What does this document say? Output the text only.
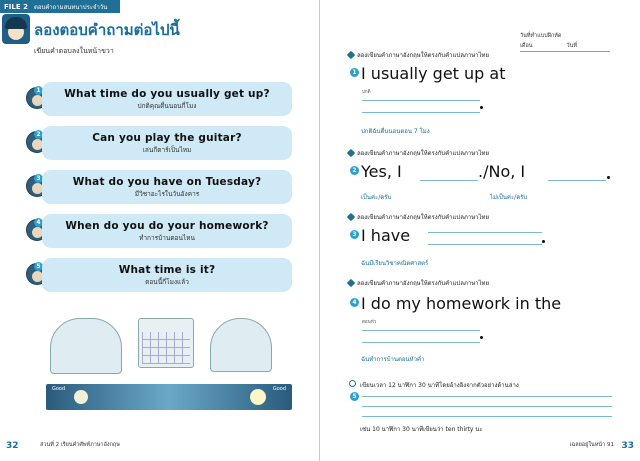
FILE 2 ตอบคำถามสนทนาประจำวัน
ลองตอบคำถามต่อไปนี้
เขียนคำตอบลงในหน้าขวา
1 What time do you usually get up?
ปกติคุณตื่นนอนกี่โมง
2	Can you play the guitar?
เล่นกีตาร์เป็นไหม
3	What do you have on Tuesday?
มีวิชาอะไรในวันอังคาร
4 When do you do your homework?
ทำการบ้านตอนไหน
5	What time is it?
ตอนนี้กี่โมงแล้ว
Good	Good
32	ส่วนที่ 2 เรียนคำศัพท์ภาษาอังกฤษ
วันที่ทำแบบฝึกหัด
เดือน	วันที่
ลองเขียนคำภาษาอังกฤษให้ตรงกับคำแปลภาษาไทย
1 I usually get up at
ปกติ
ปกติฉันตื่นนอนตอน 7 โมง
ลองเขียนคำภาษาอังกฤษให้ตรงกับคำแปลภาษาไทย
2 Yes, I	./No, I
เป็นค่ะ/ครับ	ไม่เป็นค่ะ/ครับ
ลองเขียนคำภาษาอังกฤษให้ตรงกับคำแปลภาษาไทย
3 I have
ฉันมีเรียนวิชาคณิตศาสตร์
ลองเขียนคำภาษาอังกฤษให้ตรงกับคำแปลภาษาไทย
4 I do my homework in the
ตอนหัว
ฉันทำการบ้านตอนหัวค่ำ
เขียนเวลา 12 นาฬิกา 30 นาทีโดยอ้างอิงจากตัวอย่างด้านล่าง
5
เช่น 10 นาฬิกา 30 นาทีเขียนว่า ten thirty นะ
33
เฉลยอยู่ในหน้า 91
